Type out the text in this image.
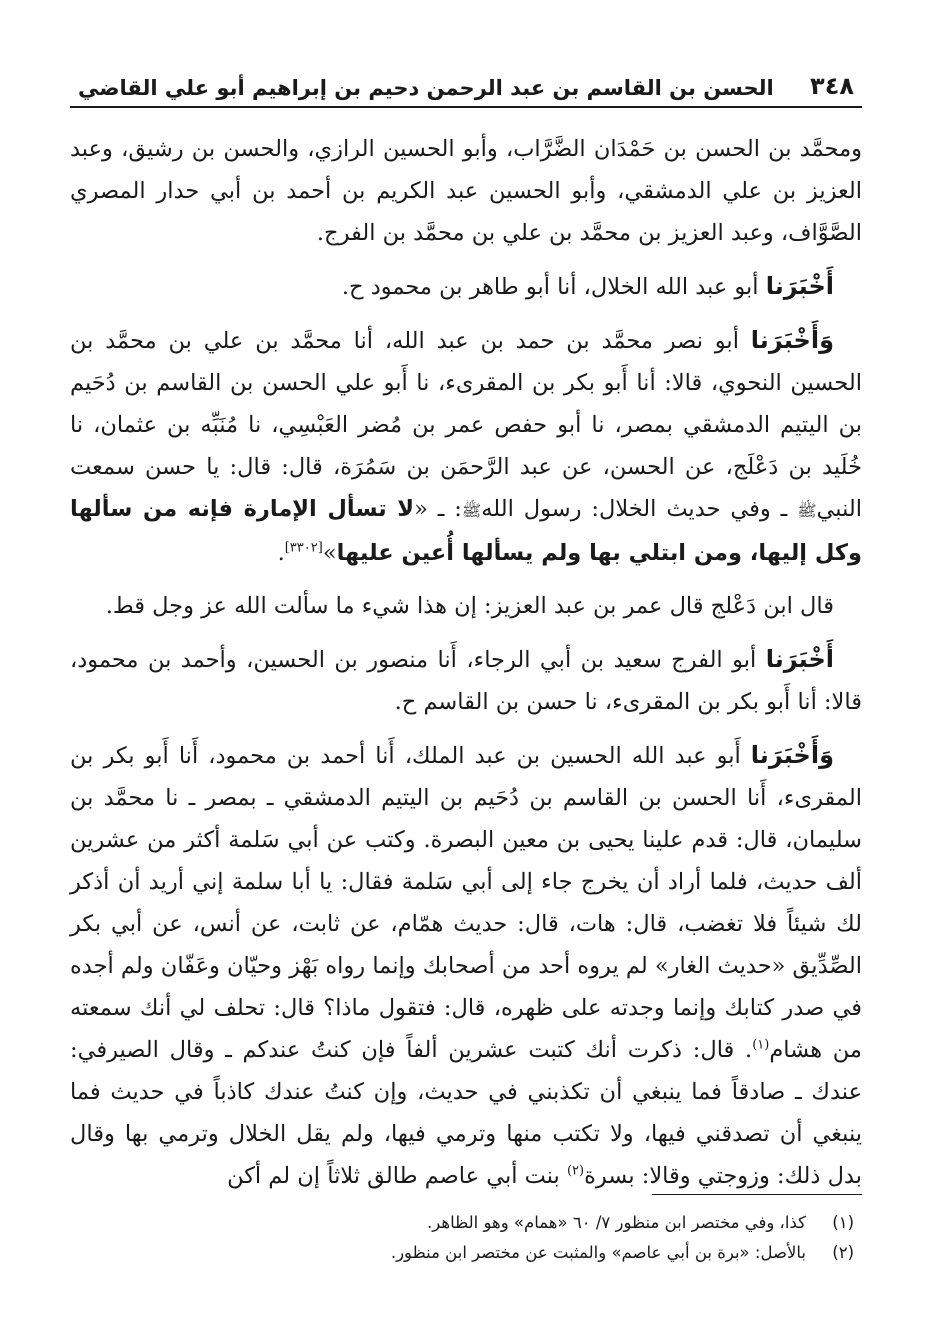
٣٤٨
الحسن بن القاسم بن عبد الرحمن دحيم بن إبراهيم أبو علي القاضي

ومحمَّد بن الحسن بن حَمْدَان الضَّرَّاب، وأبو الحسين الرازي، والحسن بن رشيق، وعبد العزيز بن علي الدمشقي، وأبو الحسين عبد الكريم بن أحمد بن أبي حدار المصري الصَّوَّاف، وعبد العزيز بن محمَّد بن علي بن محمَّد بن الفرج.

أَخْبَرَنا أبو عبد الله الخلال، أنا أبو طاهر بن محمود ح.

وَأَخْبَرَنا أبو نصر محمَّد بن حمد بن عبد الله، أنا محمَّد بن علي بن محمَّد بن الحسين النحوي، قالا: أنا أَبو بكر بن المقرىء، نا أَبو علي الحسن بن القاسم بن دُحَيم بن اليتيم الدمشقي بمصر، نا أبو حفص عمر بن مُضر العَبْسِي، نا مُنَبِّه بن عثمان، نا خُلَيد بن دَعْلَج، عن الحسن، عن عبد الرَّحمَن بن سَمُرَة، قال: قال: يا حسن سمعت النبيﷺ ـ وفي حديث الخلال: رسول اللهﷺ: ـ «لا تسأل الإمارة فإنه من سألها وكل إليها، ومن ابتلي بها ولم يسألها أُعين عليها»[٣٣٠٢].

قال ابن دَعْلج قال عمر بن عبد العزيز: إن هذا شيء ما سألت الله عز وجل قط.

أَخْبَرَنا أبو الفرج سعيد بن أبي الرجاء، أَنا منصور بن الحسين، وأحمد بن محمود، قالا: أنا أَبو بكر بن المقرىء، نا حسن بن القاسم ح.

وَأَخْبَرَنا أَبو عبد الله الحسين بن عبد الملك، أَنا أحمد بن محمود، أَنا أَبو بكر بن المقرىء، أَنا الحسن بن القاسم بن دُحَيم بن اليتيم الدمشقي ـ بمصر ـ نا محمَّد بن سليمان، قال: قدم علينا يحيى بن معين البصرة. وكتب عن أبي سَلمة أكثر من عشرين ألف حديث، فلما أراد أن يخرج جاء إلى أبي سَلمة فقال: يا أبا سلمة إني أريد أن أذكر لك شيئاً فلا تغضب، قال: هات، قال: حديث همّام، عن ثابت، عن أنس، عن أبي بكر الصِّدِّيق «حديث الغار» لم يروه أحد من أصحابك وإنما رواه بَهْز وحيّان وعَفّان ولم أجده في صدر كتابك وإنما وجدته على ظهره، قال: فتقول ماذا؟ قال: تحلف لي أنك سمعته من هشام$^{(١)}$. قال: ذكرت أنك كتبت عشرين ألفاً فإن كنتُ عندكم ـ وقال الصيرفي: عندك ـ صادقاً فما ينبغي أن تكذبني في حديث، وإن كنتُ عندك كاذباً في حديث فما ينبغي أن تصدقني فيها، ولا تكتب منها وترمي فيها، ولم يقل الخلال وترمي بها وقال بدل ذلك: وزوجتي وقالا: بسرة$^{(٢)}$ بنت أبي عاصم طالق ثلاثاً إن لم أكن

(١)
كذا، وفي مختصر ابن منظور ٧/ ٦٠ «همام» وهو الظاهر.
(٢)
بالأصل: «برة بن أبي عاصم» والمثبت عن مختصر ابن منظور.
